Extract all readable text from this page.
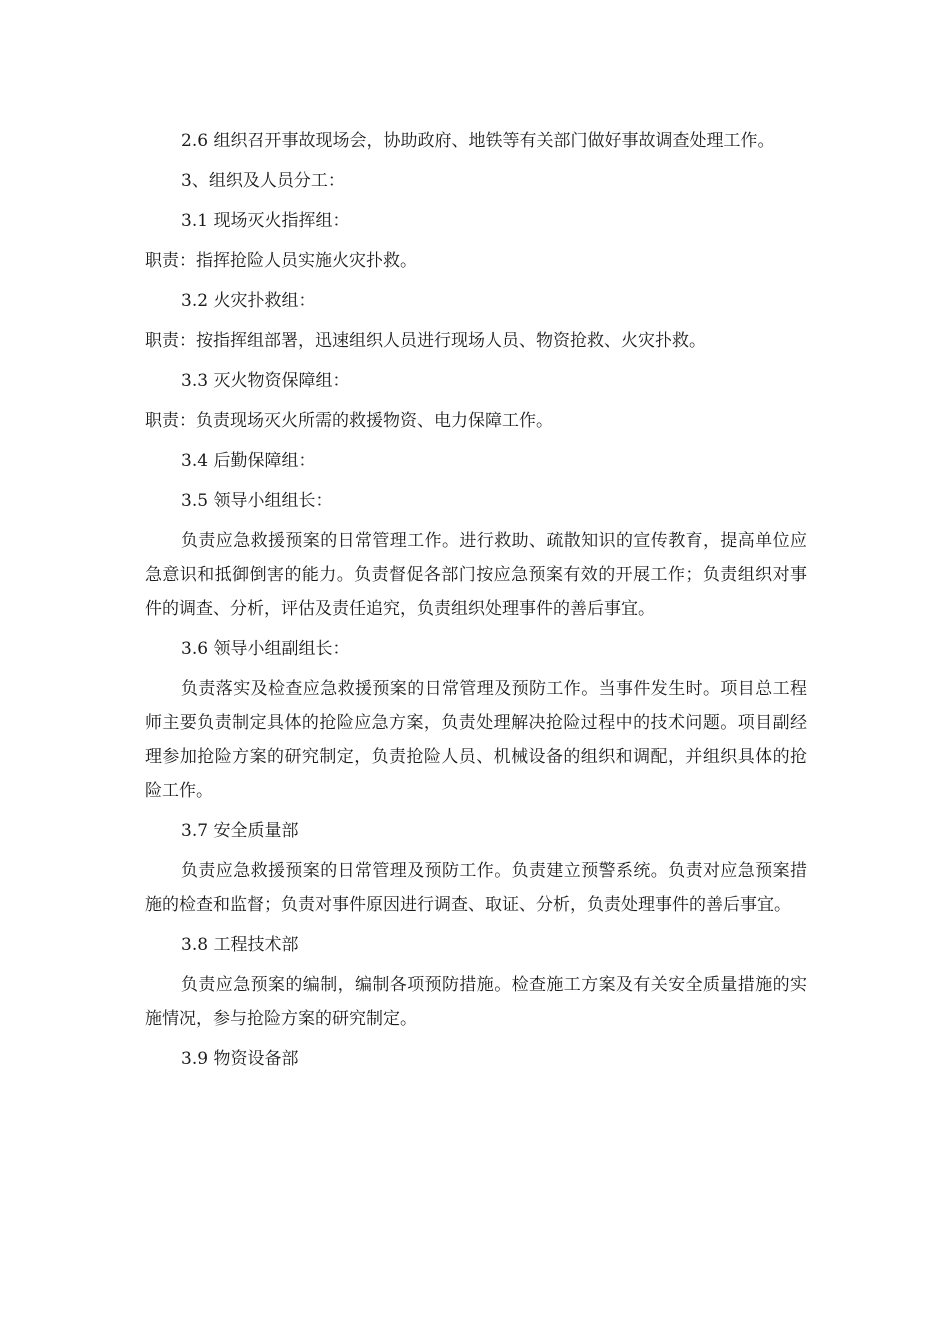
2.6 组织召开事故现场会，协助政府、地铁等有关部门做好事故调查处理工作。

3、组织及人员分工：

3.1 现场灭火指挥组：

职责：指挥抢险人员实施火灾扑救。

3.2 火灾扑救组：

职责：按指挥组部署，迅速组织人员进行现场人员、物资抢救、火灾扑救。

3.3 灭火物资保障组：

职责：负责现场灭火所需的救援物资、电力保障工作。

3.4 后勤保障组：

3.5 领导小组组长：

负责应急救援预案的日常管理工作。进行救助、疏散知识的宣传教育，提高单位应急意识和抵御倒害的能力。负责督促各部门按应急预案有效的开展工作；负责组织对事件的调查、分析，评估及责任追究，负责组织处理事件的善后事宜。

3.6 领导小组副组长：

负责落实及检查应急救援预案的日常管理及预防工作。当事件发生时。项目总工程师主要负责制定具体的抢险应急方案，负责处理解决抢险过程中的技术问题。项目副经理参加抢险方案的研究制定，负责抢险人员、机械设备的组织和调配，并组织具体的抢险工作。

3.7 安全质量部

负责应急救援预案的日常管理及预防工作。负责建立预警系统。负责对应急预案措施的检查和监督；负责对事件原因进行调查、取证、分析，负责处理事件的善后事宜。

3.8 工程技术部

负责应急预案的编制，编制各项预防措施。检查施工方案及有关安全质量措施的实施情况，参与抢险方案的研究制定。

3.9 物资设备部
